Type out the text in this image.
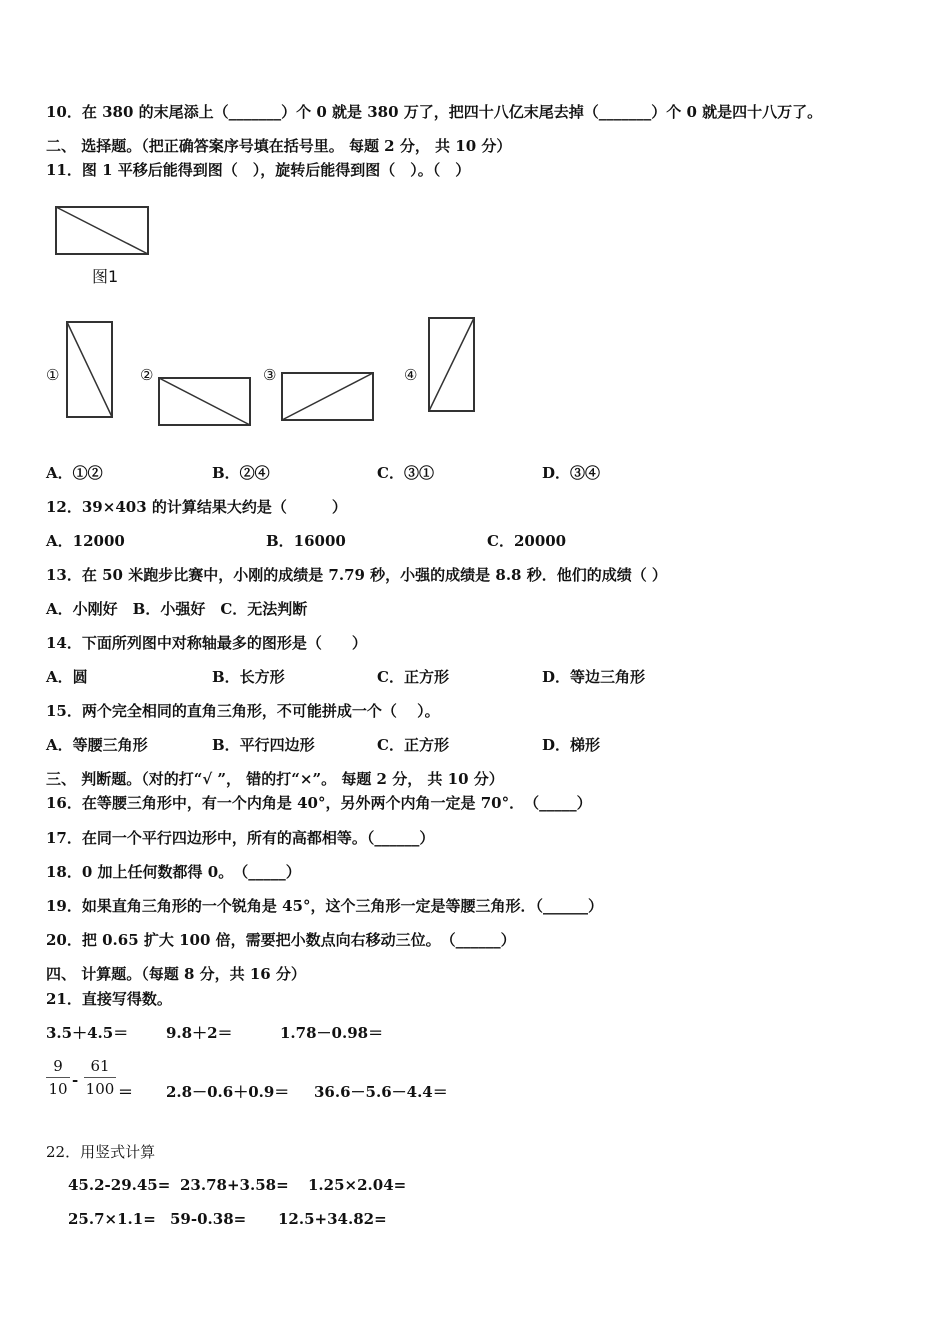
10．在 380 的末尾添上（_______）个 0 就是 380 万了，把四十八亿末尾去掉（_______）个 0 就是四十八万了。
二、 选择题。（把正确答案序号填在括号里。 每题 2 分， 共 10 分）
11．图 1 平移后能得到图（　），旋转后能得到图（　）。（　）
图1
①	②	③	④
A．①②	B．②④	C．③①	D．③④
12．39×403 的计算结果大约是（　　　）
A．12000	B．16000	C．20000
13．在 50 米跑步比赛中，小刚的成绩是 7.79 秒，小强的成绩是 8.8 秒．他们的成绩（ ）
A．小刚好　B．小强好　C．无法判断
14．下面所列图中对称轴最多的图形是（　　）
A．圆	B．长方形	C．正方形	D．等边三角形
15．两个完全相同的直角三角形，不可能拼成一个（　 ）。
A．等腰三角形	B．平行四边形	C．正方形	D．梯形
三、 判断题。（对的打“√ ”， 错的打“×”。 每题 2 分， 共 10 分）
16．在等腰三角形中，有一个内角是 40°，另外两个内角一定是 70°．　（_____）
17．在同一个平行四边形中，所有的高都相等。（______）
18．0 加上任何数都得 0。　（_____）
19．如果直角三角形的一个锐角是 45°，这个三角形一定是等腰三角形．（______）
20．把 0.65 扩大 100 倍，需要把小数点向右移动三位。　（______）
四、 计算题。（每题 8 分，共 16 分）
21．直接写得数。
3.5＋4.5＝	9.8＋2＝	1.78－0.98＝
9
10 -
61
100 ＝ 2.8－0.6＋0.9＝ 36.6－5.6－4.4＝
22．用竖式计算
45.2-29.45= 23.78+3.58= 1.25×2.04=
25.7×1.1= 59-0.38= 12.5+34.82=
